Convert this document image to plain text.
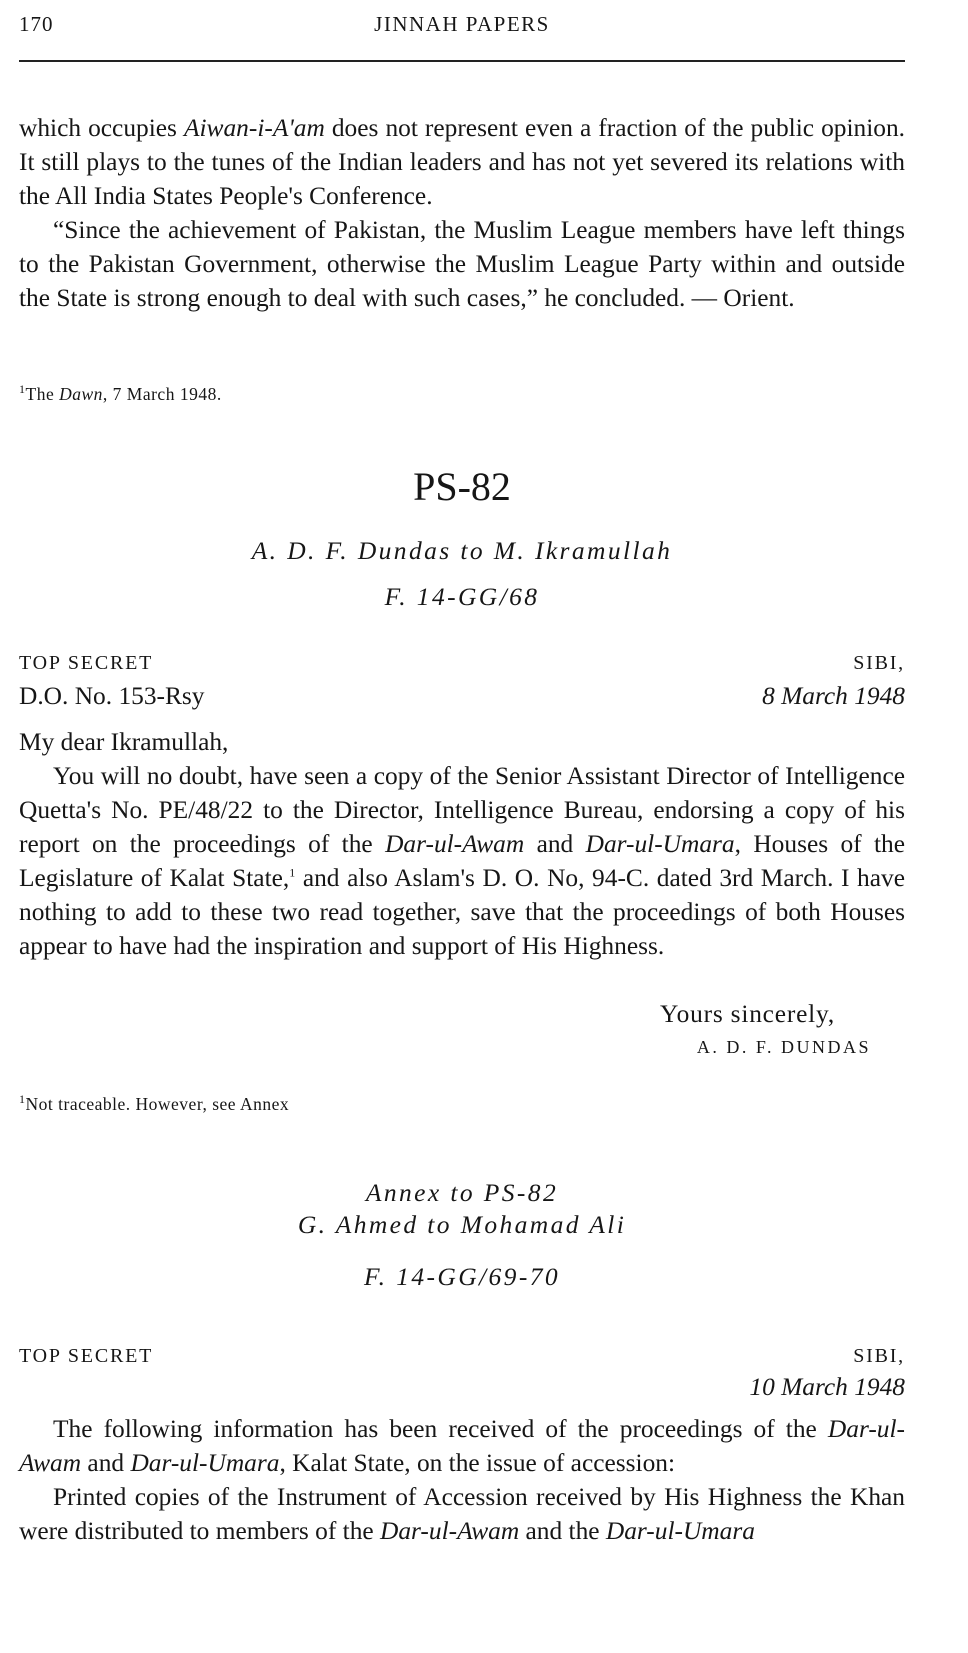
170	JINNAH PAPERS

which occupies Aiwan-i-A'am does not represent even a fraction of the public opinion. It still plays to the tunes of the Indian leaders and has not yet severed its relations with the All India States People's Conference.

“Since the achievement of Pakistan, the Muslim League members have left things to the Pakistan Government, otherwise the Muslim League Party within and outside the State is strong enough to deal with such cases,” he concluded. — Orient.

$^1$The Dawn, 7 March 1948.
PS-82
A. D. F. Dundas to M. Ikramullah
F. 14-GG/68
TOP SECRET	SIBI,
D.O. No. 153-Rsy	8 March 1948
My dear Ikramullah,
You will no doubt, have seen a copy of the Senior Assistant Director of Intelligence Quetta's No. PE/48/22 to the Director, Intelligence Bureau, endorsing a copy of his report on the proceedings of the Dar-ul-Awam and Dar-ul-Umara, Houses of the Legislature of Kalat State,$^1$ and also Aslam's D. O. No, 94-C. dated 3rd March. I have nothing to add to these two read together, save that the proceedings of both Houses appear to have had the inspiration and support of His Highness.
Yours sincerely,
A. D. F. DUNDAS
$^1$Not traceable. However, see Annex
Annex to PS-82
G. Ahmed to Mohamad Ali
F. 14-GG/69-70
TOP SECRET	SIBI,
10 March 1948
The following information has been received of the proceedings of the Dar-ul-Awam and Dar-ul-Umara, Kalat State, on the issue of accession:
Printed copies of the Instrument of Accession received by His Highness the Khan were distributed to members of the Dar-ul-Awam and the Dar-ul-Umara
